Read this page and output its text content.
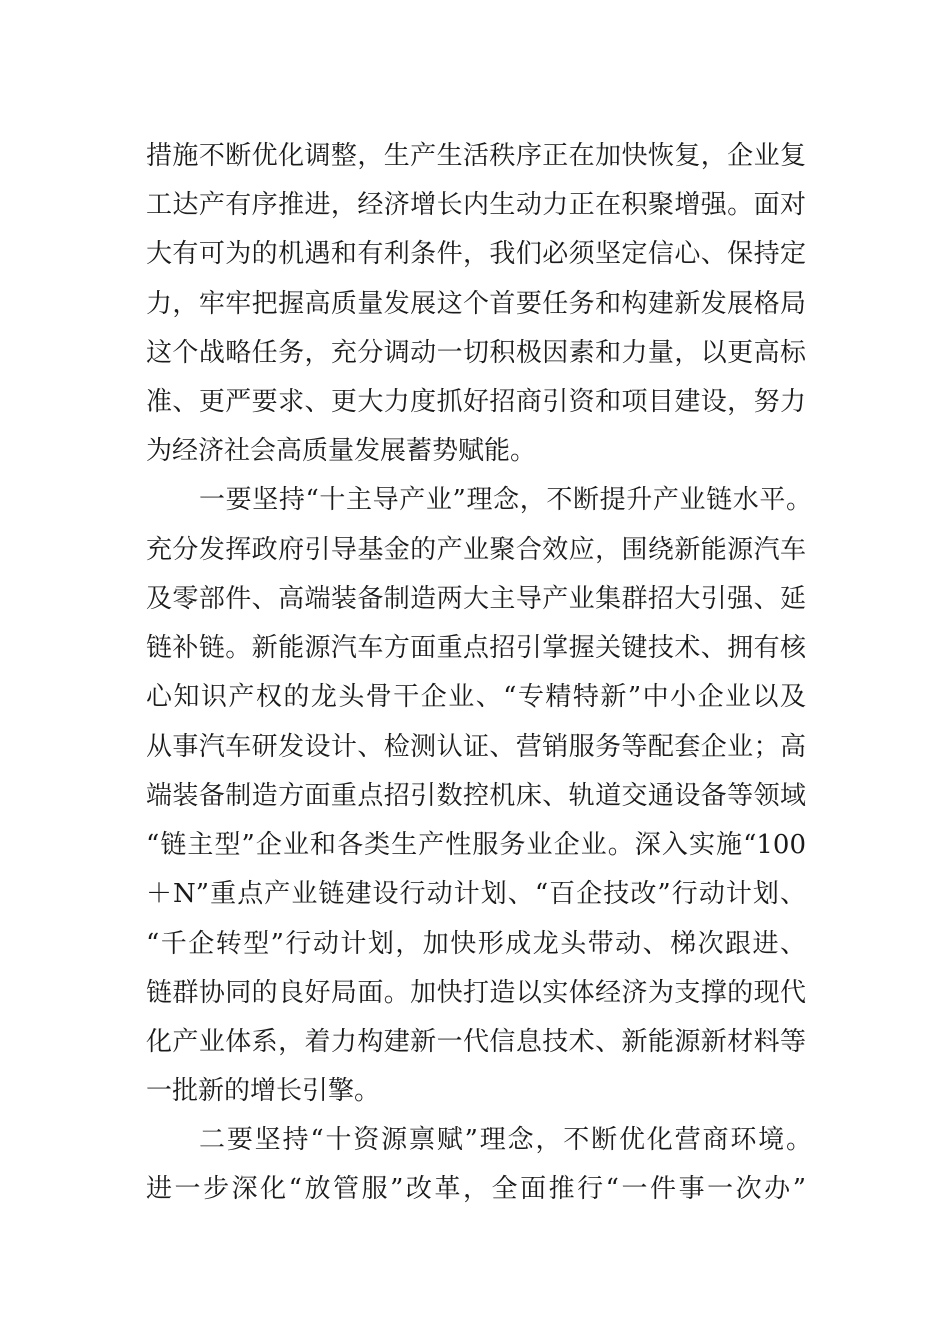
措施不断优化调整，生产生活秩序正在加快恢复，企业复

工达产有序推进，经济增长内生动力正在积聚增强。面对

大有可为的机遇和有利条件，我们必须坚定信心、保持定

力，牢牢把握高质量发展这个首要任务和构建新发展格局

这个战略任务，充分调动一切积极因素和力量，以更高标

准、更严要求、更大力度抓好招商引资和项目建设，努力

为经济社会高质量发展蓄势赋能。

一要坚持“十主导产业”理念，不断提升产业链水平。

充分发挥政府引导基金的产业聚合效应，围绕新能源汽车

及零部件、高端装备制造两大主导产业集群招大引强、延

链补链。新能源汽车方面重点招引掌握关键技术、拥有核

心知识产权的龙头骨干企业、“专精特新”中小企业以及

从事汽车研发设计、检测认证、营销服务等配套企业；高

端装备制造方面重点招引数控机床、轨道交通设备等领域

“链主型”企业和各类生产性服务业企业。深入实施“100

＋N”重点产业链建设行动计划、“百企技改”行动计划、

“千企转型”行动计划，加快形成龙头带动、梯次跟进、

链群协同的良好局面。加快打造以实体经济为支撑的现代

化产业体系，着力构建新一代信息技术、新能源新材料等

一批新的增长引擎。

二要坚持“十资源禀赋”理念，不断优化营商环境。

进一步深化“放管服”改革，全面推行“一件事一次办”
